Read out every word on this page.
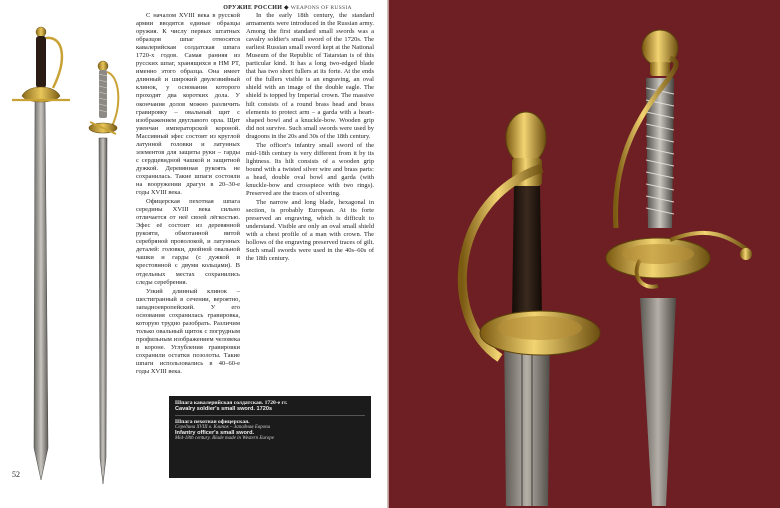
ОРУЖИЕ РОССИИ ◆ WEAPONS OF RUSSIA

С началом XVIII века в русской армии вводятся единые образцы оружия. К числу первых штатных образцов шпаг относятся кавалерийская солдатская шпага 1720-х годов. Самая ранняя из русских шпаг, хранящихся в НМ РТ, именно этого образца. Она имеет длинный и широкий двулезвийный клинок, у основания которого проходят два коротких дола. У окончания долов можно различить гравировку – овальный щит с изображением двуглавого орла. Щит увенчан императорской короной. Массивный эфес состоит из круглой латунной головки и латунных элементов для защиты руки – гарды с сердцевидной чашкой и защитной дужкой. Деревянная рукоять не сохранилась. Такие шпаги состояли на вооружении драгун в 20–30-е годы XVIII века.

Офицерская пехотная шпага середины XVIII века сильно отличается от неё своей лёгкостью. Эфес её состоит из деревянной рукояти, обмотанной витой серебряной проволокой, и латунных деталей: головки, двойной овальной чашки и гарды (с дужкой и крестовиной с двумя кольцами). В отдельных местах сохранились следы серебрения.

Узкий длинный клинок – шестигранный в сечении, вероятно, западноевропейский. У его основания сохранилась гравировка, которую трудно разобрать. Различим только овальный щиток с погрудным профильным изображением человека в короне. Углубления гравировки сохранили остатки позолоты. Такие шпаги использовались в 40–60-е годы XVIII века.

In the early 18th century, the standard armaments were introduced in the Russian army. Among the first standard small swords was a cavalry soldier's small sword of the 1720s. The earliest Russian small sword kept at the National Museum of the Republic of Tatarstan is of this particular kind. It has a long two-edged blade that has two short fullers at its forte. At the ends of the fullers visible is an engraving, an oval shield with an image of the double eagle. The shield is topped by Imperial crown. The massive hilt consists of a round brass head and brass elements to protect arm – a garda with a heart-shaped bowl and a knuckle-bow. Wooden grip did not survive. Such small swords were used by dragoons in the 20s and 30s of the 18th century.

The officer's infantry small sword of the mid-18th century is very different from it by its lightness. Its hilt consists of a wooden grip bound with a twisted silver wire and brass parts: a head, double oval bowl and garda (with knuckle-bow and crosspiece with two rings). Preserved are the traces of silvering.

The narrow and long blade, hexagonal in section, is probably European. At its forte preserved an engraving, which is difficult to understand. Visible are only an oval small shield with a chest profile of a man with crown. The hollows of the engraving preserved traces of gilt. Such small swords were used in the 40s–60s of the 18th century.

Шпага кавалерийская солдатская. 1720-е гг.
Cavalry soldier's small sword. 1720s
Шпага пехотная офицерская.
Середина XVIII в. Клинок – Западная Европа
Infantry officer's small sword.
Mid-18th century. Blade made in Western Europe
52
